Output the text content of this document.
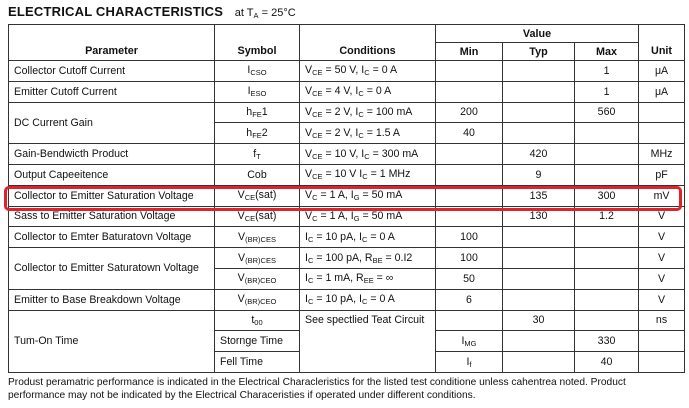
ELECTRICAL CHARACTERISTICS at $T_A = 25^\circ C$
Parameter	Symbol	Conditions	Value			Unit	
			Min	Typ	Max		
Collector Cutoff Current	$I_{CSO}$	$V_{CE} = 50$ V, $I_C = 0$ A			1	μA	
Emitter Cutoff Current	$I_{ESO}$	$V_{CE} = 4$ V, $I_C = 0$ A			1	μA	
DC Current Gain	$h_{FE}1$	$V_{CE} = 2$ V, $I_C = 100$ mA	200		560		
	$h_{FE}2$	$V_{CE} = 2$ V, $I_C = 1.5$ A	40				
Gain-Bendwicth Product	$f_T$	$V_{CE} = 10$ V, $I_C = 300$ mA		420		MHz	
Output Capeeitence	Cob	$V_{CE} = 10$ V $I_C = 1$ MHz		9		pF	
Collector to Emitter Saturation Voltage	$V_{CE}(sat)$	$V_C = 1$ A, $I_G = 50$ mA		135	300	mV	
Sass to Emitter Saturation Voltage	$V_{CE}(sat)$	$V_C = 1$ A, $I_G = 50$ mA		130	1.2	V	
Collector to Emter Baturatovn Voltage	$V_{(BR)CES}$	$I_C = 10$ pA, $I_C = 0$ A	100			V	
Collector to Emitter Saturatown Voltage	$V_{(BR)CES}$	$I_C = 100$ pA, $R_{BE} = 0.I2$	100			V	
	$V_{(BR)CEO}$	$I_C = 1$ mA, $R_{EE}$ = ∞	50			V	
Emitter to Base Breakdown Voltage	$V_{(BR)CEO}$	$I_C = 10$ pA, $I_C = 0$ A	6			V	
Tum-On Time	$t_{00}$	See spectlied Teat Circuit		30		ns	
	Stornge Time		$I_{MG}$		330		
	Fell Time		$I_f$		40		
Produst peramatric performance is indicated in the Electrical Characleristics for the listed test conditione unless cahentrea noted. Product performance may not be indicated by the Electrical Characeristies if operated under different conditions.
